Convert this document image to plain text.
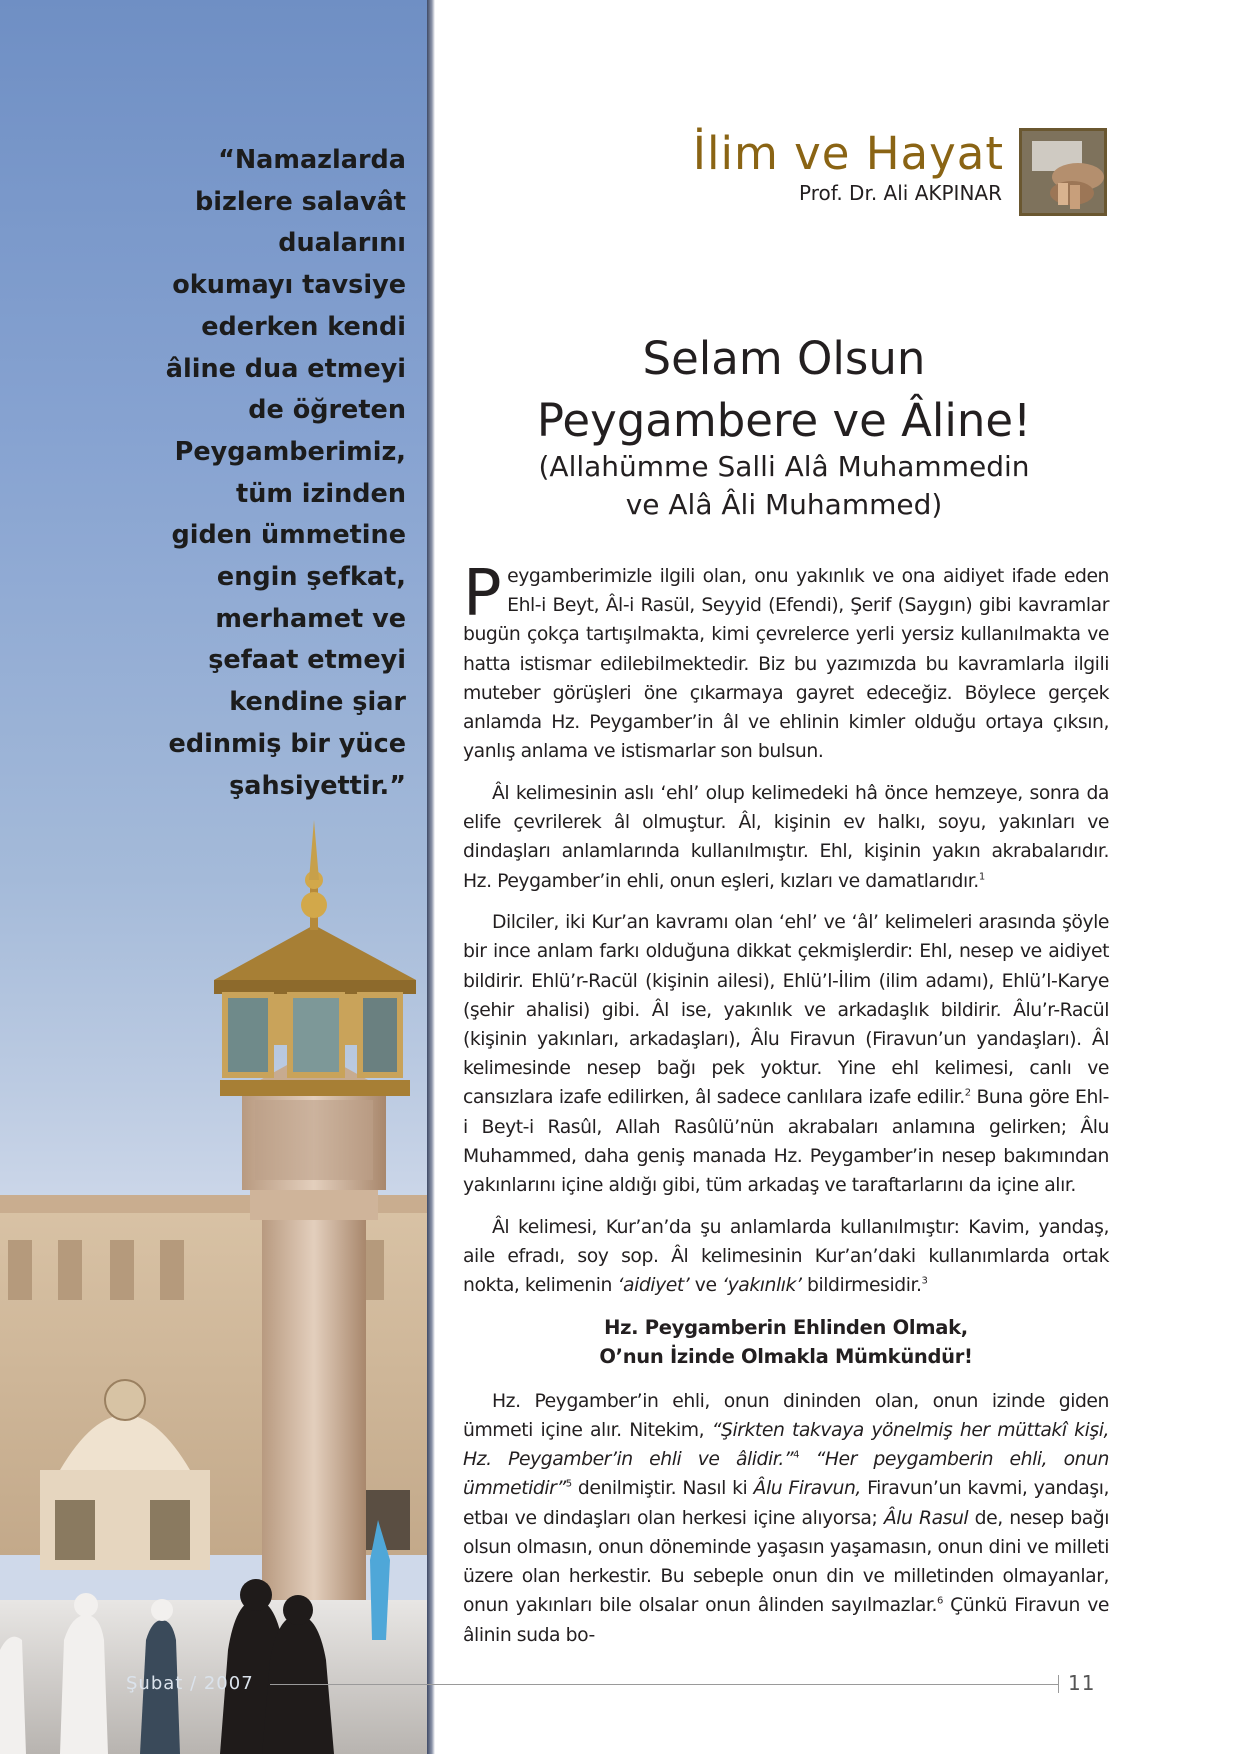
“Namazlarda bizlere salavât dualarını okumayı tavsiye ederken kendi âline dua etmeyi de öğreten Peygamberimiz, tüm izinden giden ümmetine engin şefkat, merhamet ve şefaat etmeyi kendine şiar edinmiş bir yüce şahsiyettir.”

İlim ve Hayat
Prof. Dr. Ali AKPINAR
Selam Olsun
Peygambere ve Âline!
(Allahümme Salli Alâ Muhammedin
ve Alâ Âli Muhammed)

Peygamberimizle ilgili olan, onu yakınlık ve ona aidiyet ifade eden Ehl-i Beyt, Âl-i Rasül, Seyyid (Efendi), Şerif (Saygın) gibi kavramlar bugün çokça tartışılmakta, kimi çevrelerce yerli yersiz kullanılmakta ve hatta istismar edilebilmektedir. Biz bu yazımızda bu kavramlarla ilgili muteber görüşleri öne çıkarmaya gayret edeceğiz. Böylece gerçek anlamda Hz. Peygamber’in âl ve ehlinin kimler olduğu ortaya çıksın, yanlış anlama ve istismarlar son bulsun.

Âl kelimesinin aslı ‘ehl’ olup kelimedeki hâ önce hemzeye, sonra da elife çevrilerek âl olmuştur. Âl, kişinin ev halkı, soyu, yakınları ve dindaşları anlamlarında kullanılmıştır. Ehl, kişinin yakın akrabalarıdır. Hz. Peygamber’in ehli, onun eşleri, kızları ve damatlarıdır.$^1$

Dilciler, iki Kur’an kavramı olan ‘ehl’ ve ‘âl’ kelimeleri arasında şöyle bir ince anlam farkı olduğuna dikkat çekmişlerdir: Ehl, nesep ve aidiyet bildirir. Ehlü’r-Racül (kişinin ailesi), Ehlü’l-İlim (ilim adamı), Ehlü’l-Karye (şehir ahalisi) gibi. Âl ise, yakınlık ve arkadaşlık bildirir. Âlu’r-Racül (kişinin yakınları, arkadaşları), Âlu Firavun (Firavun’un yandaşları). Âl kelimesinde nesep bağı pek yoktur. Yine ehl kelimesi, canlı ve cansızlara izafe edilirken, âl sadece canlılara izafe edilir.$^2$ Buna göre Ehl-i Beyt-i Rasûl, Allah Rasûlü’nün akrabaları anlamına gelirken; Âlu Muhammed, daha geniş manada Hz. Peygamber’in nesep bakımından yakınlarını içine aldığı gibi, tüm arkadaş ve taraftarlarını da içine alır.

Âl kelimesi, Kur’an’da şu anlamlarda kullanılmıştır: Kavim, yandaş, aile efradı, soy sop. Âl kelimesinin Kur’an’daki kullanımlarda ortak nokta, kelimenin ‘aidiyet’ ve ‘yakınlık’ bildirmesidir.$^3$

Hz. Peygamberin Ehlinden Olmak,
O’nun İzinde Olmakla Mümkündür!

Hz. Peygamber’in ehli, onun dininden olan, onun izinde giden ümmeti içine alır. Nitekim, “Şirkten takvaya yönelmiş her müttakî kişi, Hz. Peygamber’in ehli ve âlidir.”$^4$ “Her peygamberin ehli, onun ümmetidir”$^5$ denilmiştir. Nasıl ki Âlu Firavun, Firavun’un kavmi, yandaşı, etbaı ve dindaşları olan herkesi içine alıyorsa; Âlu Rasul de, nesep bağı olsun olmasın, onun döneminde yaşasın yaşamasın, onun dini ve milleti üzere olan herkestir. Bu sebeple onun din ve milletinden olmayanlar, onun yakınları bile olsalar onun âlinden sayılmazlar.$^6$ Çünkü Firavun ve âlinin suda bo-

Şubat / 2007	11
